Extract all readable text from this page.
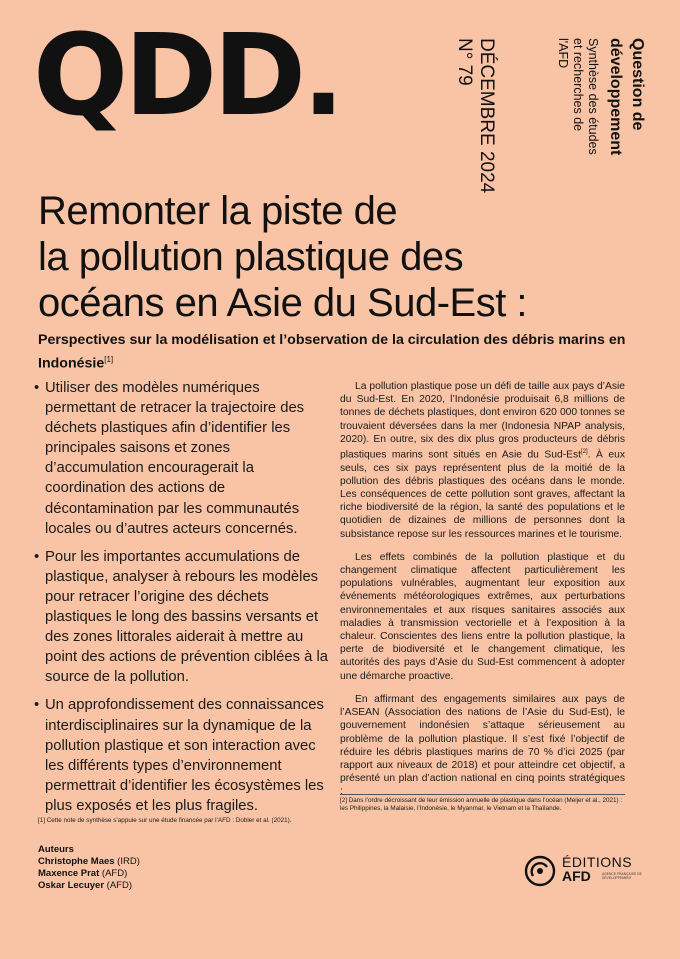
QDD.	Question de
développement
Synthèse des études
et recherches de
l'AFD
DÉCEMBRE 2024
N° 79
Remonter la piste de
la pollution plastique des
océans en Asie du Sud-Est :
Perspectives sur la modélisation et l’observation de la circulation des débris marins en Indonésie[1]
• Utiliser des modèles numériques permettant de retracer la trajectoire des déchets plastiques afin d’identifier les principales saisons et zones d’accumulation encouragerait la coordination des actions de décontamination par les communautés locales ou d’autres acteurs concernés.
• Pour les importantes accumulations de plastique, analyser à rebours les modèles pour retracer l’origine des déchets plastiques le long des bassins versants et des zones littorales aiderait à mettre au point des actions de prévention ciblées à la source de la pollution.
• Un approfondissement des connaissances interdisciplinaires sur la dynamique de la pollution plastique et son interaction avec les différents types d’environnement permettrait d’identifier les écosystèmes les plus exposés et les plus fragiles.

La pollution plastique pose un défi de taille aux pays d’Asie du Sud-Est. En 2020, l’Indonésie produisait 6,8 millions de tonnes de déchets plastiques, dont environ 620 000 tonnes se trouvaient déversées dans la mer (Indonesia NPAP analysis, 2020). En outre, six des dix plus gros producteurs de débris plastiques marins sont situés en Asie du Sud-Est[2]. À eux seuls, ces six pays représentent plus de la moitié de la pollution des débris plastiques des océans dans le monde. Les conséquences de cette pollution sont graves, affectant la riche biodiversité de la région, la santé des populations et le quotidien de dizaines de millions de personnes dont la subsistance repose sur les ressources marines et le tourisme.

Les effets combinés de la pollution plastique et du changement climatique affectent particulièrement les populations vulnérables, augmentant leur exposition aux événements météorologiques extrêmes, aux perturbations environnementales et aux risques sanitaires associés aux maladies à transmission vectorielle et à l’exposition à la chaleur. Conscientes des liens entre la pollution plastique, la perte de biodiversité et le changement climatique, les autorités des pays d’Asie du Sud-Est commencent à adopter une démarche proactive.

En affirmant des engagements similaires aux pays de l’ASEAN (Association des nations de l’Asie du Sud-Est), le gouvernement indonésien s’attaque sérieusement au problème de la pollution plastique. Il s’est fixé l’objectif de réduire les débris plastiques marins de 70 % d’ici 2025 (par rapport aux niveaux de 2018) et pour atteindre cet objectif, a présenté un plan d’action national en cinq points stratégiques :

[1] Cette note de synthèse s’appuie sur une étude financée par l’AFD : Dobler et al. (2021).
[2] Dans l’ordre décroissant de leur émission annuelle de plastique dans l’océan (Meijer et al., 2021) : les Philippines, la Malaisie, l’Indonésie, le Myanmar, le Vietnam et la Thaïlande.
Auteurs
Christophe Maes (IRD)
Maxence Prat (AFD)
Oskar Lecuyer (AFD)
ÉDITIONS
AFD	AGENCE FRANÇAISE DE DÉVELOPPEMENT
